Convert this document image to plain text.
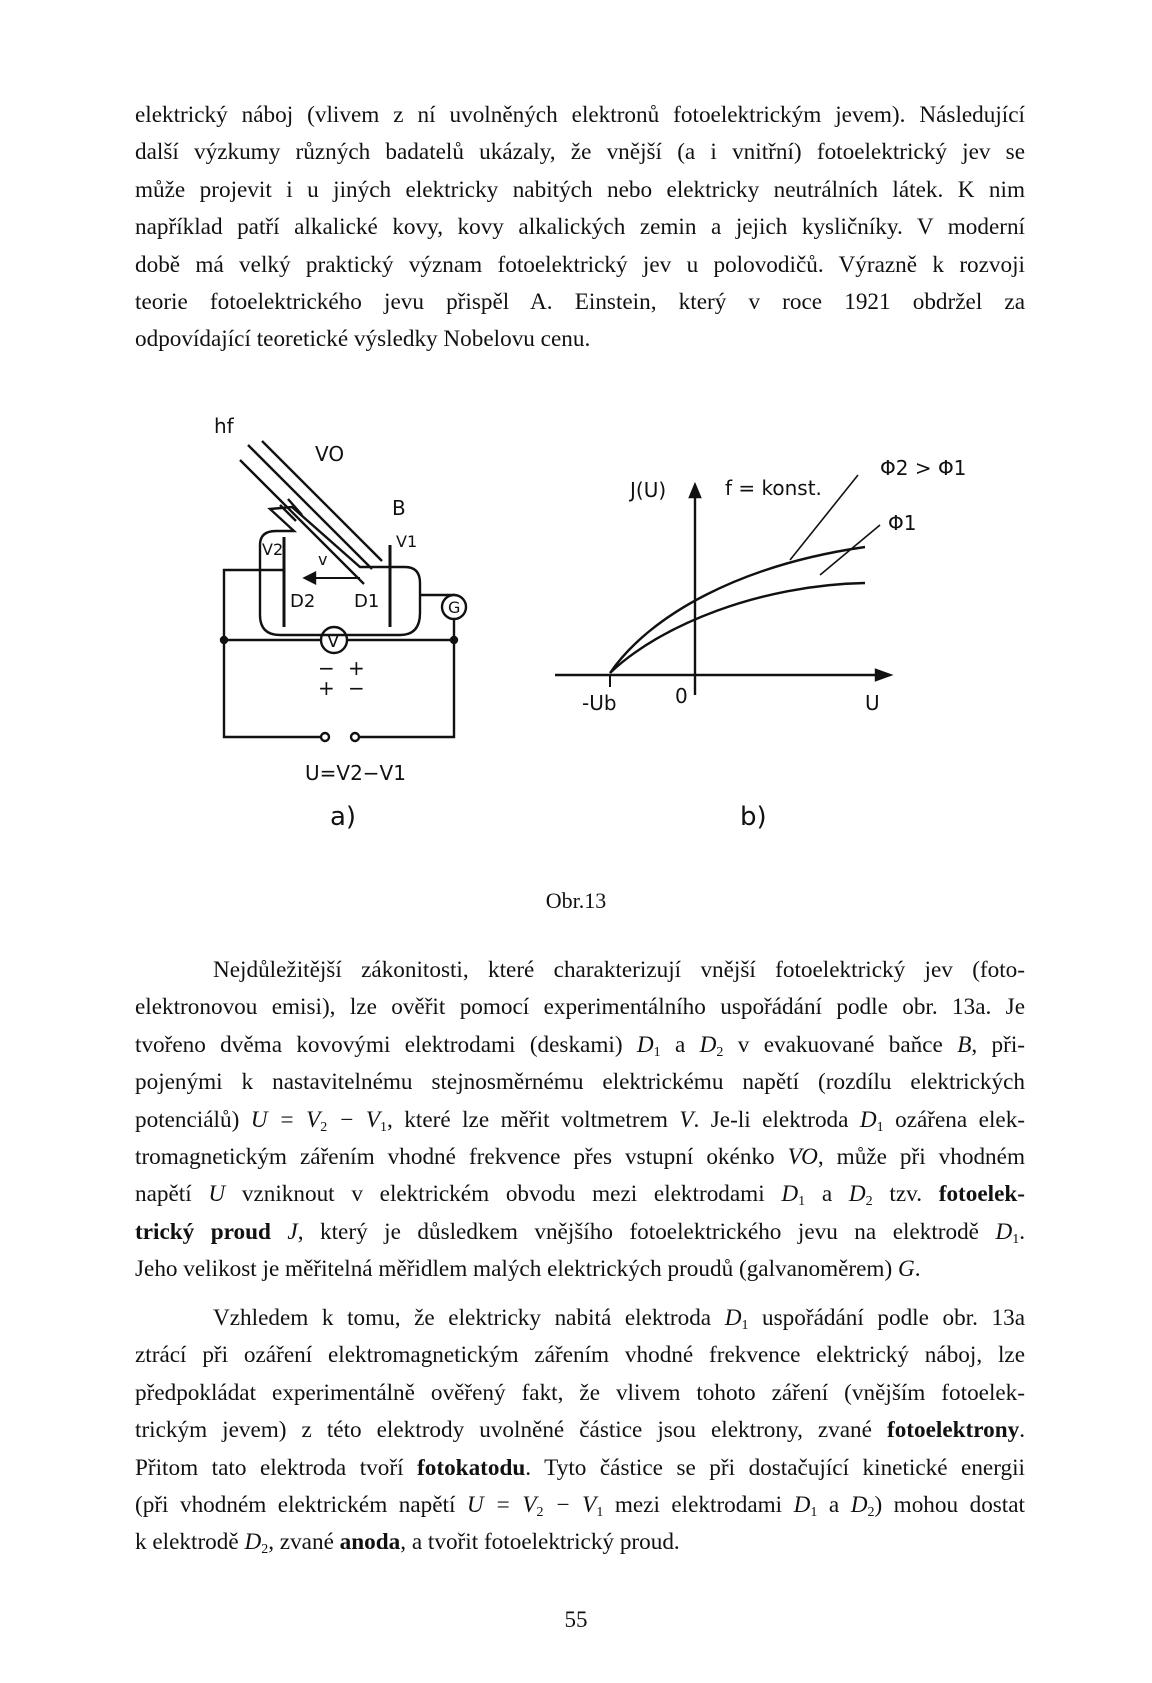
elektrický náboj (vlivem z ní uvolněných elektronů fotoelektrickým jevem). Následující
další výzkumy různých badatelů ukázaly, že vnější (a i vnitřní) fotoelektrický jev se
může projevit i u jiných elektricky nabitých nebo elektricky neutrálních látek. K nim
například patří alkalické kovy, kovy alkalických zemin a jejich kysličníky. V moderní
době má velký praktický význam fotoelektrický jev u polovodičů. Výrazně k rozvoji
teorie fotoelektrického jevu přispěl A. Einstein, který v roce 1921 obdržel za
odpovídající teoretické výsledky Nobelovu cenu.
hf
VO
B
V2	V1
v
D2 D1	G
V
−
+
+
−
U=V2−V1
a)
J(U)	f = konst.
Φ2 > Φ1
Φ1
-Ub	0	U
b)
Obr.13
Nejdůležitější zákonitosti, které charakterizují vnější fotoelektrický jev (foto-
elektronovou emisi), lze ověřit pomocí experimentálního uspořádání podle obr. 13a. Je
tvořeno dvěma kovovými elektrodami (deskami) $D_1$ a $D_2$ v evakuované baňce B, při-
pojenými k nastavitelnému stejnosměrnému elektrickému napětí (rozdílu elektrických
potenciálů) $U = V_2 - V_1$, které lze měřit voltmetrem V. Je-li elektroda $D_1$ ozářena elek-
tromagnetickým zářením vhodné frekvence přes vstupní okénko VO, může při vhodném
napětí U vzniknout v elektrickém obvodu mezi elektrodami $D_1$ a $D_2$ tzv. fotoelek-
trický proud J, který je důsledkem vnějšího fotoelektrického jevu na elektrodě $D_1$.
Jeho velikost je měřitelná měřidlem malých elektrických proudů (galvanoměrem) G.
Vzhledem k tomu, že elektricky nabitá elektroda $D_1$ uspořádání podle obr. 13a
ztrácí při ozáření elektromagnetickým zářením vhodné frekvence elektrický náboj, lze
předpokládat experimentálně ověřený fakt, že vlivem tohoto záření (vnějším fotoelek-
trickým jevem) z této elektrody uvolněné částice jsou elektrony, zvané fotoelektrony.
Přitom tato elektroda tvoří fotokatodu. Tyto částice se při dostačující kinetické energii
(při vhodném elektrickém napětí $U = V_2 - V_1$ mezi elektrodami $D_1$ a $D_2$) mohou dostat
k elektrodě $D_2$, zvané anoda, a tvořit fotoelektrický proud.
55
